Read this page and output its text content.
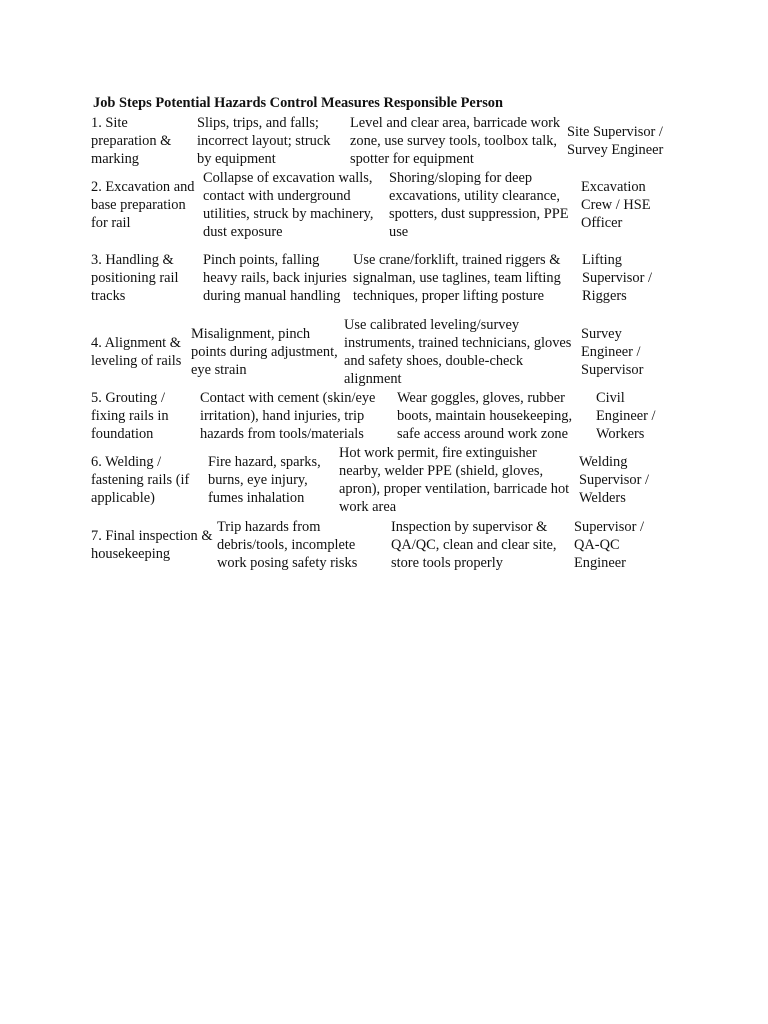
Job Steps Potential Hazards Control Measures Responsible Person
1. Site preparation & marking
Slips, trips, and falls; incorrect layout; struck by equipment
Level and clear area, barricade work zone, use survey tools, toolbox talk, spotter for equipment
Site Supervisor / Survey Engineer
2. Excavation and base preparation for rail
Collapse of excavation walls, contact with underground utilities, struck by machinery, dust exposure
Shoring/sloping for deep excavations, utility clearance, spotters, dust suppression, PPE use
Excavation Crew / HSE Officer
3. Handling & positioning rail tracks
Pinch points, falling heavy rails, back injuries during manual handling
Use crane/forklift, trained riggers & signalman, use taglines, team lifting techniques, proper lifting posture
Lifting Supervisor / Riggers
4. Alignment & leveling of rails
Misalignment, pinch points during adjustment, eye strain
Use calibrated leveling/survey instruments, trained technicians, gloves and safety shoes, double-check alignment
Survey Engineer / Supervisor
5. Grouting / fixing rails in foundation
Contact with cement (skin/eye irritation), hand injuries, trip hazards from tools/materials
Wear goggles, gloves, rubber boots, maintain housekeeping, safe access around work zone
Civil Engineer / Workers
6. Welding / fastening rails (if applicable)
Fire hazard, sparks, burns, eye injury, fumes inhalation
Hot work permit, fire extinguisher nearby, welder PPE (shield, gloves, apron), proper ventilation, barricade hot work area
Welding Supervisor / Welders
7. Final inspection & housekeeping
Trip hazards from debris/tools, incomplete work posing safety risks
Inspection by supervisor & QA/QC, clean and clear site, store tools properly
Supervisor / QA-QC Engineer
